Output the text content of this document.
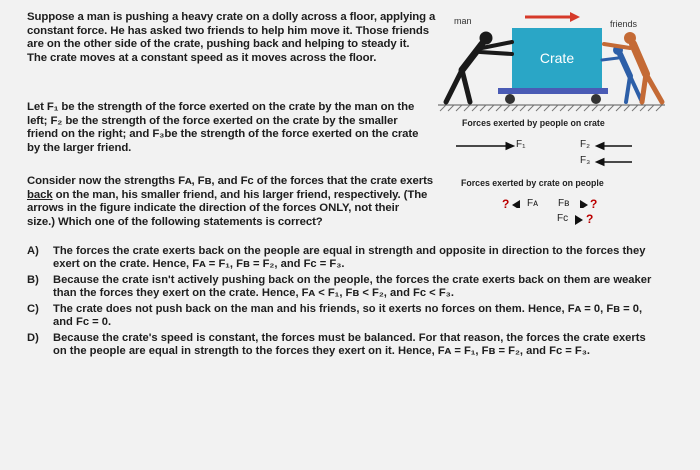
Suppose a man is pushing a heavy crate on a dolly across a floor, applying a
constant force. He has asked two friends to help him move it. Those friends
are on the other side of the crate, pushing back and helping to steady it.
The crate moves at a constant speed as it moves across the floor.
Let F₁ be the strength of the force exerted on the crate by the man on the
left; F₂ be the strength of the force exerted on the crate by the smaller
friend on the right; and F₃be the strength of the force exerted on the crate
by the larger friend.
Consider now the strengths Fᴀ, Fʙ, and Fc of the forces that the crate exerts
back on the man, his smaller friend, and his larger friend, respectively. (The
arrows in the figure indicate the direction of the forces ONLY, not their
size.) Which one of the following statements is correct?
A)	The forces the crate exerts back on the people are equal in strength and opposite in direction to the forces they
exert on the crate. Hence, Fᴀ = F₁, Fʙ = F₂, and Fc = F₃.
B)	Because the crate isn't actively pushing back on the people, the forces the crate exerts back on them are weaker
than the forces they exert on the crate. Hence, Fᴀ < F₁, Fʙ < F₂, and Fc < F₃.
C)	The crate does not push back on the man and his friends, so it exerts no forces on them. Hence, Fᴀ = 0, Fʙ = 0,
and Fc = 0.
D)	Because the crate's speed is constant, the forces must be balanced. For that reason, the forces the crate exerts
on the people are equal in strength to the forces they exert on it. Hence, Fᴀ = F₁, Fʙ = F₂, and Fc = F₃.
man	friends
Crate
Forces exerted by people on crate
F₁	F₂
F₃
Forces exerted by crate on people
? Fᴀ Fʙ ?
Fc ?
